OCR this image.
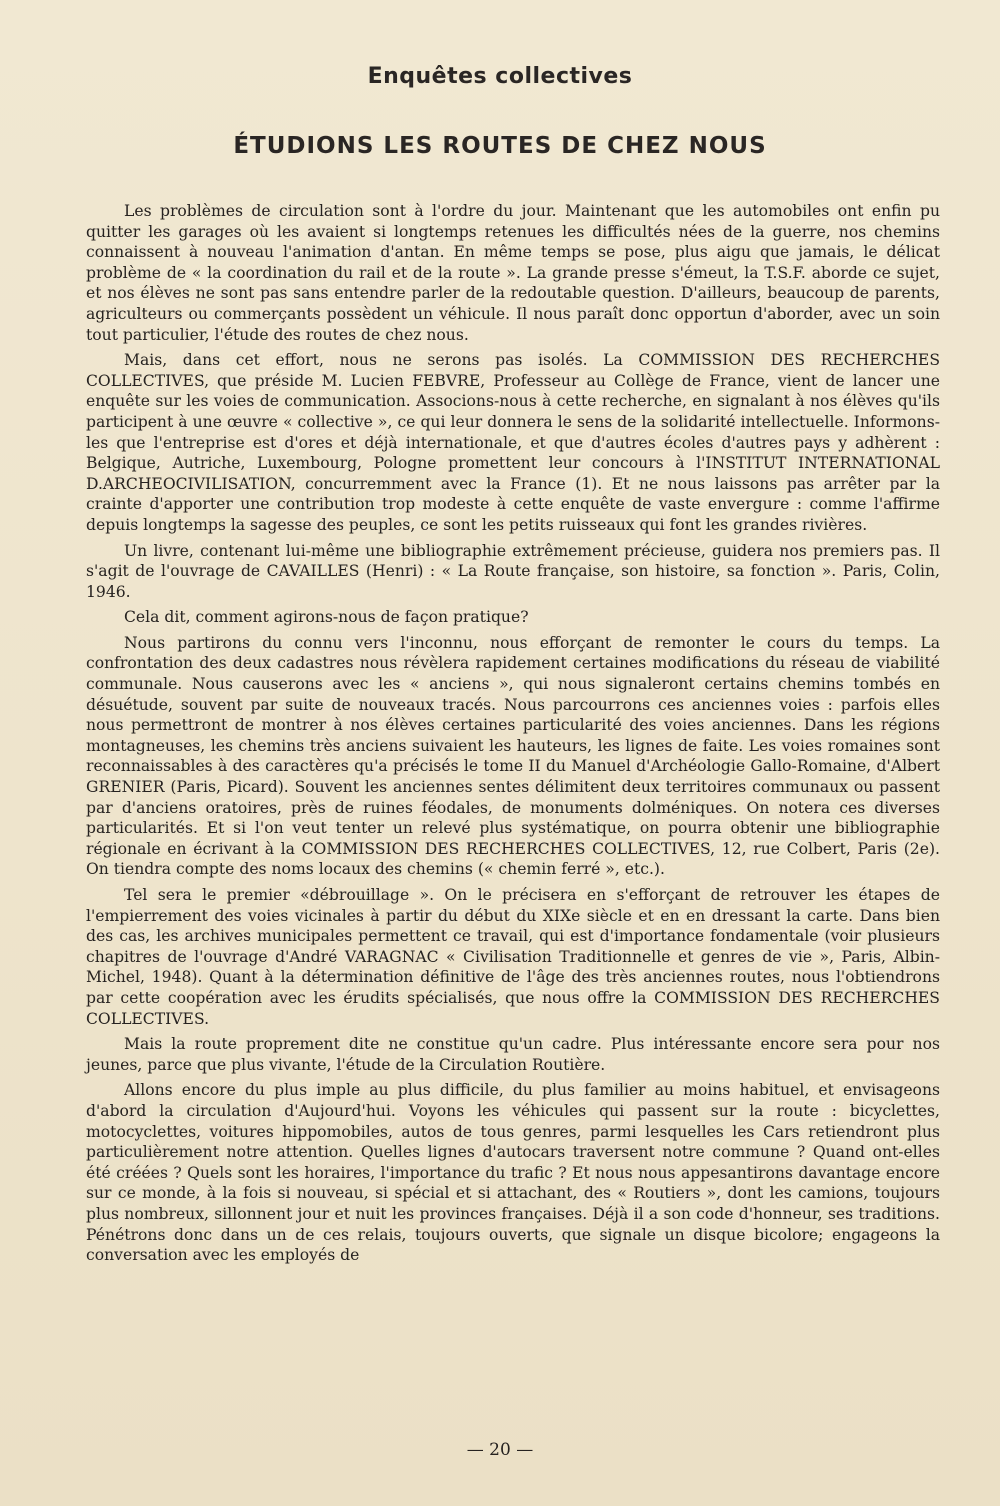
Enquêtes collectives
ÉTUDIONS LES ROUTES DE CHEZ NOUS

Les problèmes de circulation sont à l'ordre du jour. Maintenant que les automobiles ont enfin pu quitter les garages où les avaient si longtemps retenues les difficultés nées de la guerre, nos chemins connaissent à nouveau l'animation d'antan. En même temps se pose, plus aigu que jamais, le délicat problème de « la coordination du rail et de la route ». La grande presse s'émeut, la T.S.F. aborde ce sujet, et nos élèves ne sont pas sans entendre parler de la redoutable question. D'ailleurs, beaucoup de parents, agriculteurs ou commerçants possèdent un véhicule. Il nous paraît donc opportun d'aborder, avec un soin tout particulier, l'étude des routes de chez nous.

Mais, dans cet effort, nous ne serons pas isolés. La COMMISSION DES RECHERCHES COLLECTIVES, que préside M. Lucien FEBVRE, Professeur au Collège de France, vient de lancer une enquête sur les voies de communication. Associons-nous à cette recherche, en signalant à nos élèves qu'ils participent à une œuvre « collective », ce qui leur donnera le sens de la solidarité intellectuelle. Informons-les que l'entreprise est d'ores et déjà internationale, et que d'autres écoles d'autres pays y adhèrent : Belgique, Autriche, Luxembourg, Pologne promettent leur concours à l'INSTITUT INTERNATIONAL D.ARCHEOCIVILISATION, concurremment avec la France (1). Et ne nous laissons pas arrêter par la crainte d'apporter une contribution trop modeste à cette enquête de vaste envergure : comme l'affirme depuis longtemps la sagesse des peuples, ce sont les petits ruisseaux qui font les grandes rivières.

Un livre, contenant lui-même une bibliographie extrêmement précieuse, guidera nos premiers pas. Il s'agit de l'ouvrage de CAVAILLES (Henri) : « La Route française, son histoire, sa fonction ». Paris, Colin, 1946.

Cela dit, comment agirons-nous de façon pratique?

Nous partirons du connu vers l'inconnu, nous efforçant de remonter le cours du temps. La confrontation des deux cadastres nous révèlera rapidement certaines modifications du réseau de viabilité communale. Nous causerons avec les « anciens », qui nous signaleront certains chemins tombés en désuétude, souvent par suite de nouveaux tracés. Nous parcourrons ces anciennes voies : parfois elles nous permettront de montrer à nos élèves certaines particularité des voies anciennes. Dans les régions montagneuses, les chemins très anciens suivaient les hauteurs, les lignes de faite. Les voies romaines sont reconnaissables à des caractères qu'a précisés le tome II du Manuel d'Archéologie Gallo-Romaine, d'Albert GRENIER (Paris, Picard). Souvent les anciennes sentes délimitent deux territoires communaux ou passent par d'anciens oratoires, près de ruines féodales, de monuments dolméniques. On notera ces diverses particularités. Et si l'on veut tenter un relevé plus systématique, on pourra obtenir une bibliographie régionale en écrivant à la COMMISSION DES RECHERCHES COLLECTIVES, 12, rue Colbert, Paris (2e). On tiendra compte des noms locaux des chemins (« chemin ferré », etc.).

Tel sera le premier «débrouillage ». On le précisera en s'efforçant de retrouver les étapes de l'empierrement des voies vicinales à partir du début du XIXe siècle et en en dressant la carte. Dans bien des cas, les archives municipales permettent ce travail, qui est d'importance fondamentale (voir plusieurs chapitres de l'ouvrage d'André VARAGNAC « Civilisation Traditionnelle et genres de vie », Paris, Albin-Michel, 1948). Quant à la détermination définitive de l'âge des très anciennes routes, nous l'obtiendrons par cette coopération avec les érudits spécialisés, que nous offre la COMMISSION DES RECHERCHES COLLECTIVES.

Mais la route proprement dite ne constitue qu'un cadre. Plus intéressante encore sera pour nos jeunes, parce que plus vivante, l'étude de la Circulation Routière.

Allons encore du plus imple au plus difficile, du plus familier au moins habituel, et envisageons d'abord la circulation d'Aujourd'hui. Voyons les véhicules qui passent sur la route : bicyclettes, motocyclettes, voitures hippomobiles, autos de tous genres, parmi lesquelles les Cars retiendront plus particulièrement notre attention. Quelles lignes d'autocars traversent notre commune ? Quand ont-elles été créées ? Quels sont les horaires, l'importance du trafic ? Et nous nous appesantirons davantage encore sur ce monde, à la fois si nouveau, si spécial et si attachant, des « Routiers », dont les camions, toujours plus nombreux, sillonnent jour et nuit les provinces françaises. Déjà il a son code d'honneur, ses traditions. Pénétrons donc dans un de ces relais, toujours ouverts, que signale un disque bicolore; engageons la conversation avec les employés de

— 20 —
